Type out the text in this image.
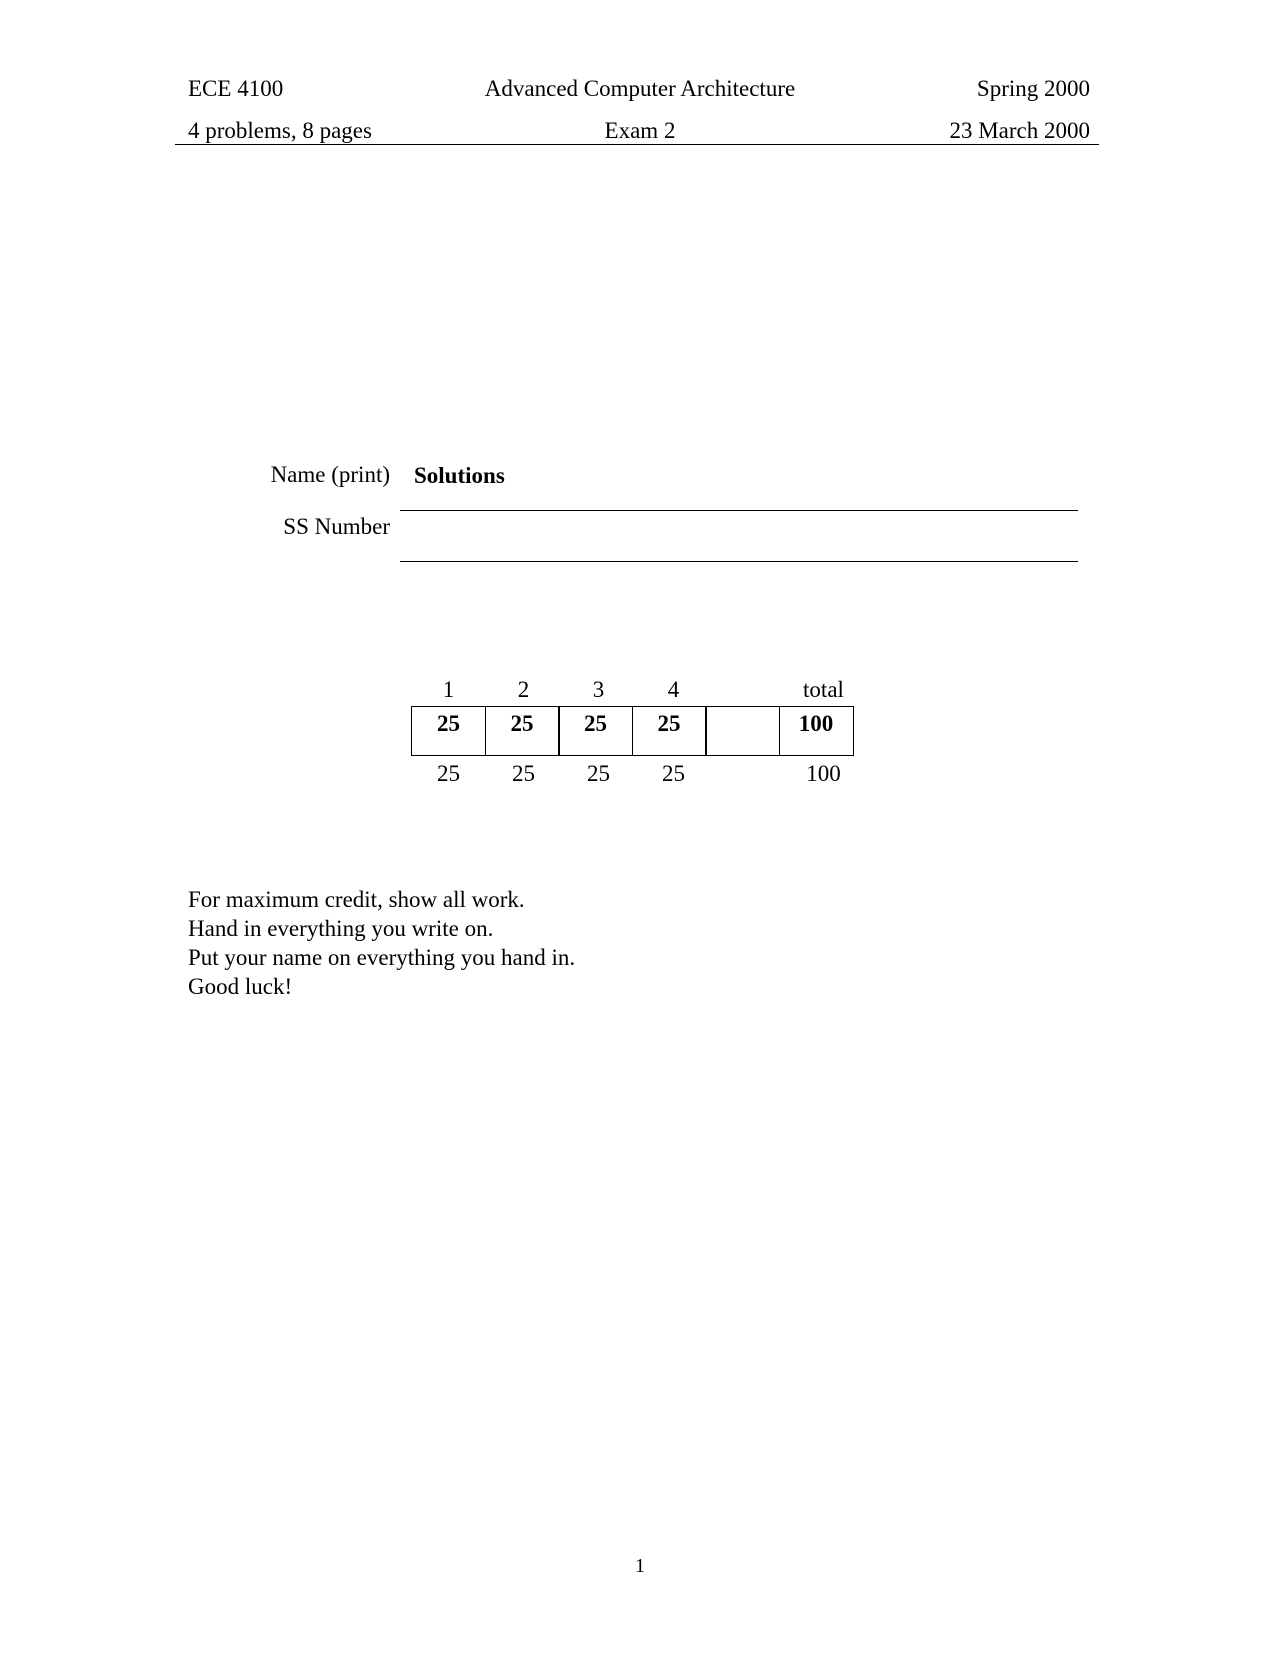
ECE 4100	Advanced Computer Architecture	Spring 2000
4 problems, 8 pages	Exam 2	23 March 2000
Name (print) Solutions
SS Number
1	2	3	4	total
25	25	25	25	100
25	25	25	25	100
For maximum credit, show all work.
Hand in everything you write on.
Put your name on everything you hand in.
Good luck!
1
